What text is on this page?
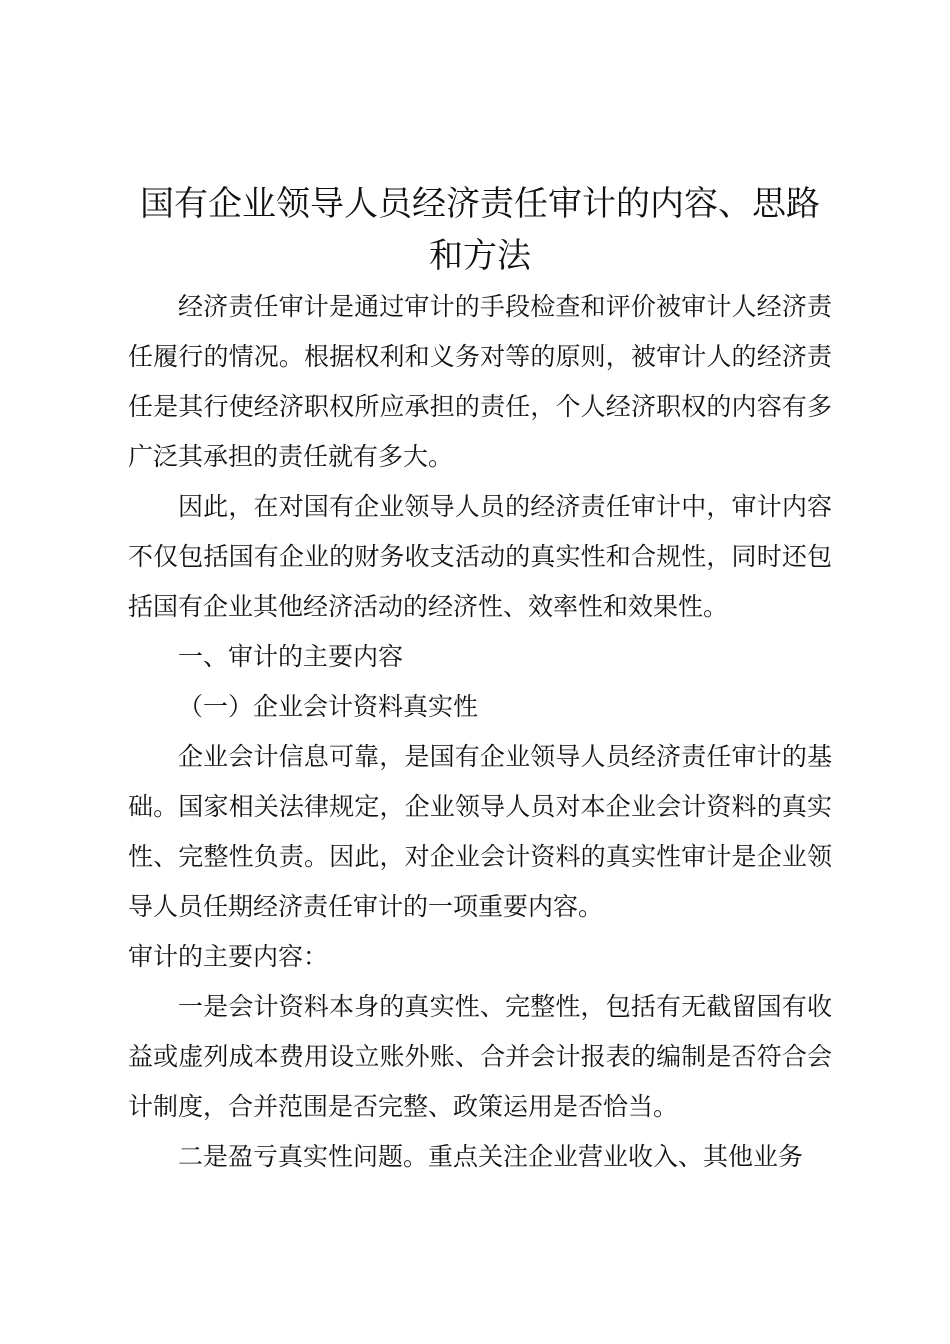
国有企业领导人员经济责任审计的内容、思路和方法

经济责任审计是通过审计的手段检查和评价被审计人经济责任履行的情况。根据权利和义务对等的原则，被审计人的经济责任是其行使经济职权所应承担的责任，个人经济职权的内容有多广泛其承担的责任就有多大。

因此，在对国有企业领导人员的经济责任审计中，审计内容不仅包括国有企业的财务收支活动的真实性和合规性，同时还包括国有企业其他经济活动的经济性、效率性和效果性。

一、审计的主要内容

（一）企业会计资料真实性

企业会计信息可靠，是国有企业领导人员经济责任审计的基础。国家相关法律规定，企业领导人员对本企业会计资料的真实性、完整性负责。因此，对企业会计资料的真实性审计是企业领导人员任期经济责任审计的一项重要内容。

审计的主要内容：

一是会计资料本身的真实性、完整性，包括有无截留国有收益或虚列成本费用设立账外账、合并会计报表的编制是否符合会计制度，合并范围是否完整、政策运用是否恰当。

二是盈亏真实性问题。重点关注企业营业收入、其他业务
